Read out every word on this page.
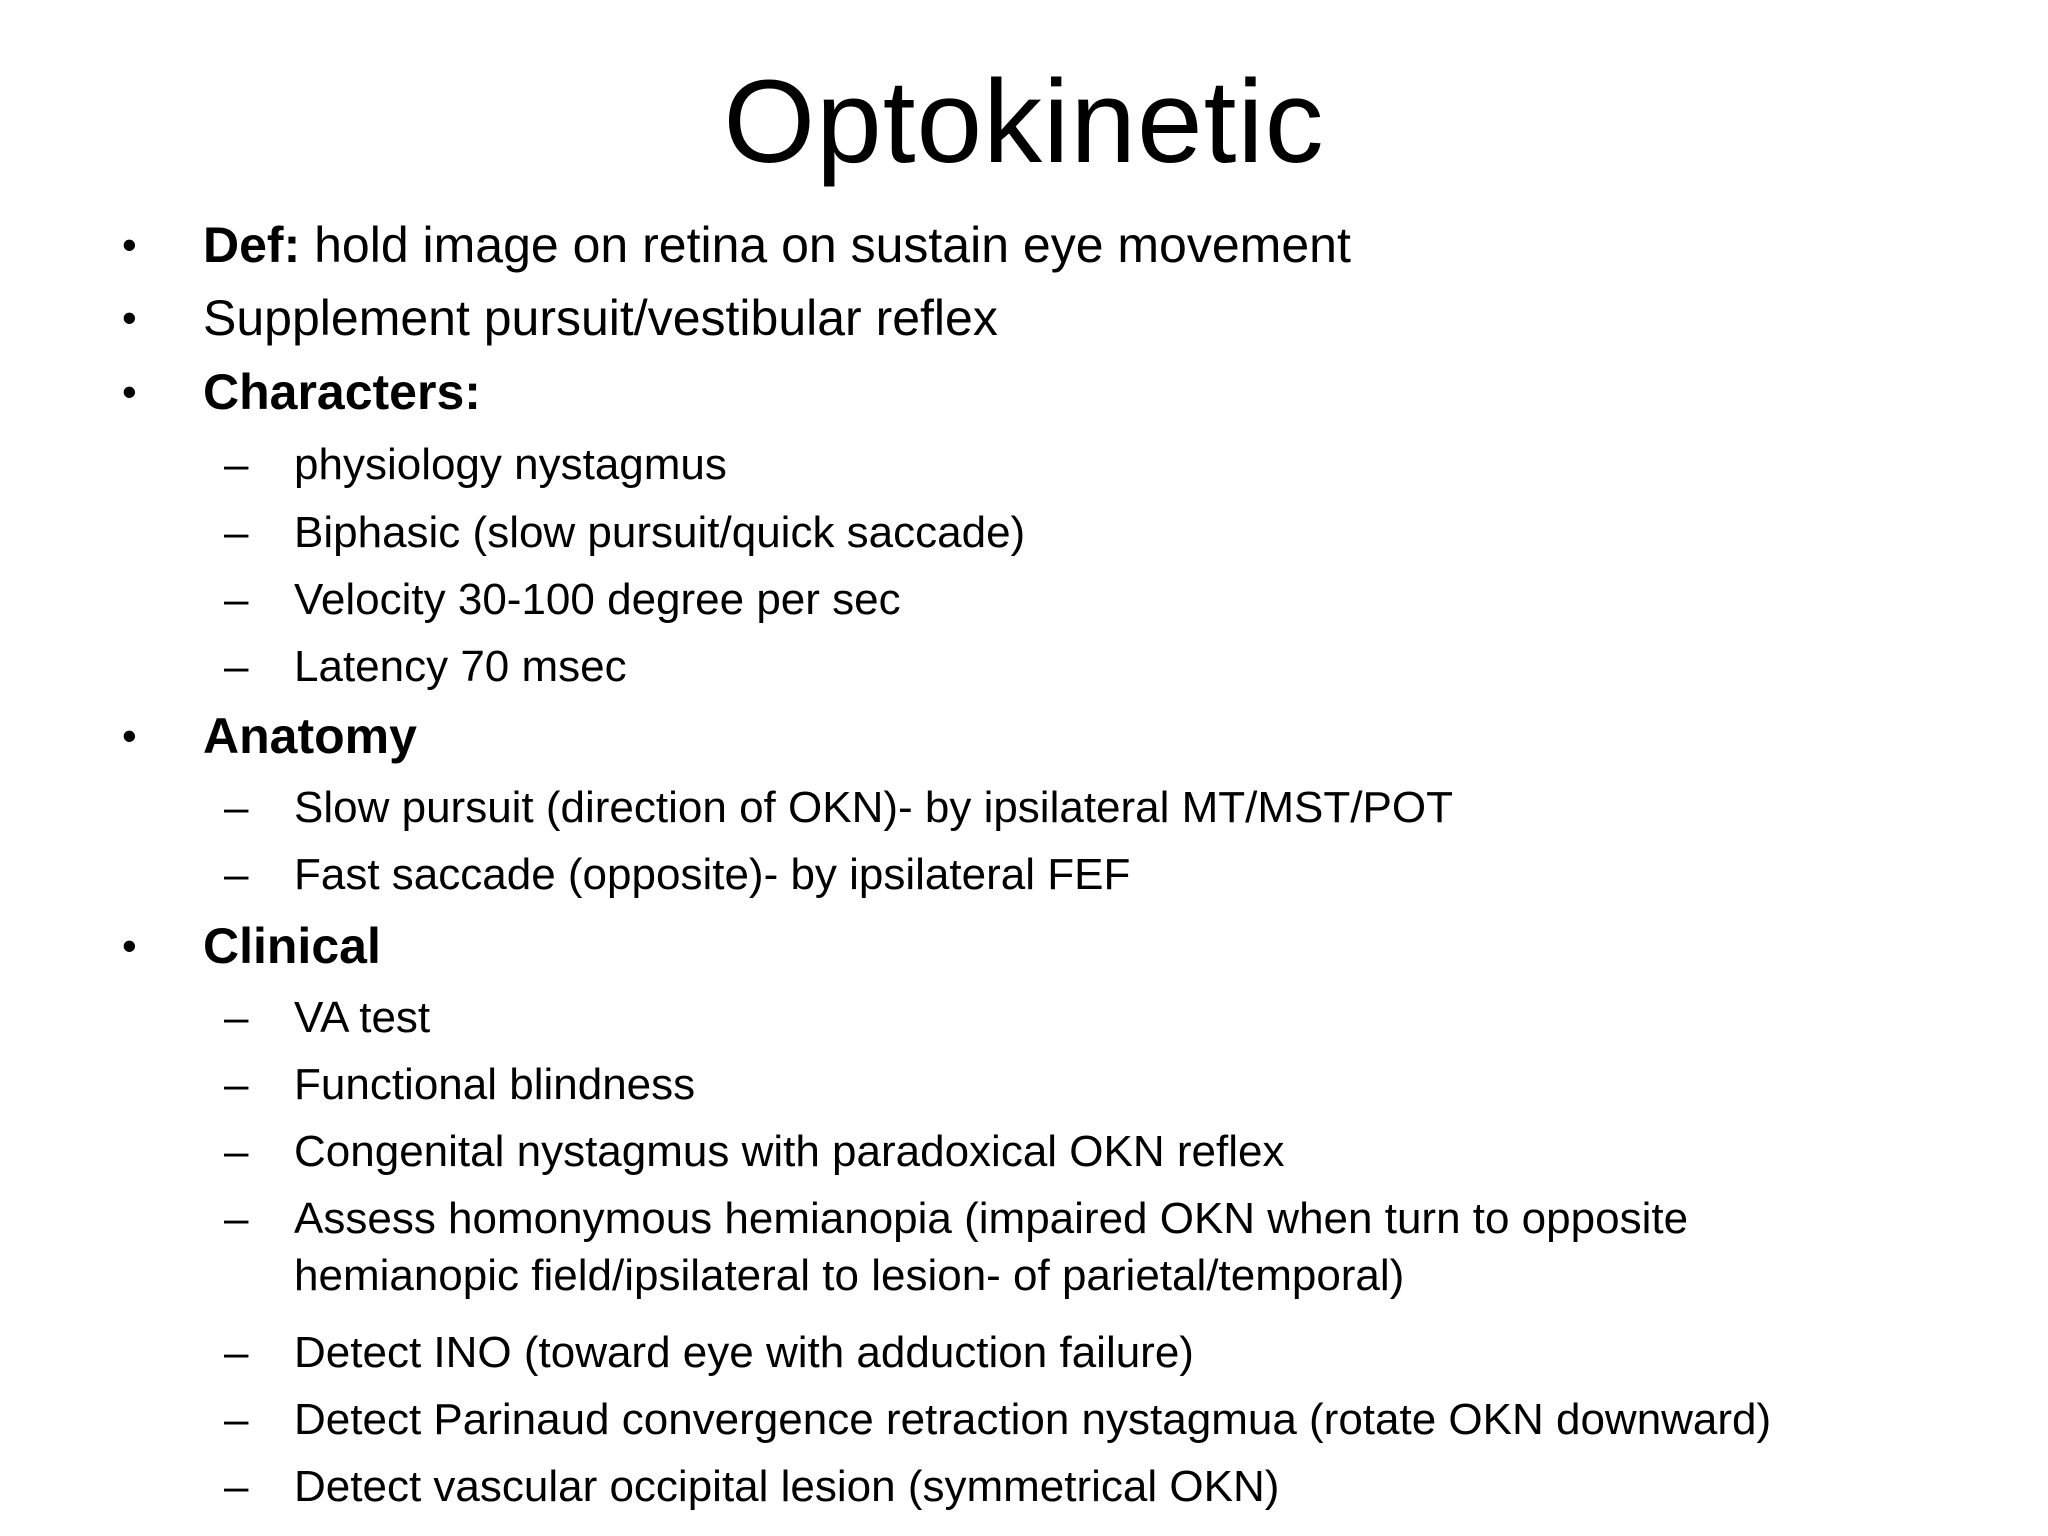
Optokinetic
• Def: hold image on retina on sustain eye movement
• Supplement pursuit/vestibular reflex
• Characters:
– physiology nystagmus
– Biphasic (slow pursuit/quick saccade)
– Velocity 30-100 degree per sec
– Latency 70 msec
• Anatomy
– Slow pursuit (direction of OKN)- by ipsilateral MT/MST/POT
– Fast saccade (opposite)- by ipsilateral FEF
• Clinical
– VA test
– Functional blindness
– Congenital nystagmus with paradoxical OKN reflex
– Assess homonymous hemianopia (impaired OKN when turn to opposite
hemianopic field/ipsilateral to lesion- of parietal/temporal)
– Detect INO (toward eye with adduction failure)
– Detect Parinaud convergence retraction nystagmua (rotate OKN downward)
– Detect vascular occipital lesion (symmetrical OKN)
